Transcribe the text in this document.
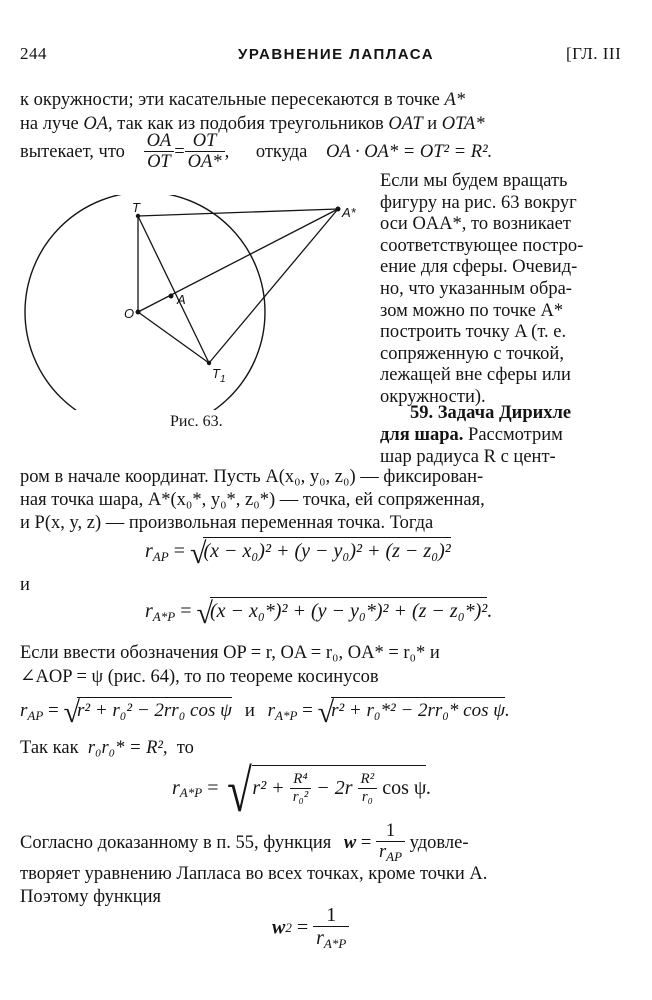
244	УРАВНЕНИЕ ЛАПЛАСА	[ГЛ. III
к окружности; эти касательные пересекаются в точке A*
на луче OA, так как из подобия треугольников OAT и OTA*
вытекает, что $\frac{OA}{OT} = \frac{OT}{OA*}$ , откуда OA · OA* = OT² = R².
T	A*
O
A
$T_1$
Рис. 63.
Если мы будем вращать
фигуру на рис. 63 вокруг
оси OAA*, то возникает
соответствующее постро-
ение для сферы. Очевид-
но, что указанным обра-
зом можно по точке A*
построить точку A (т. е.
сопряженную с точкой,
лежащей вне сферы или
окружности).
59. Задача Дирихле
для шара. Рассмотрим
шар радиуса R с цент-
ром в начале координат. Пусть A(x₀, y₀, z₀) — фиксирован-
ная точка шара, A*(x₀*, y₀*, z₀*) — точка, ей сопряженная,
и P(x, y, z) — произвольная переменная точка. Тогда
$r_{AP} = √(x - x_0)^2 + (y - y_0)^2 + (z - z_0)^2$
и
$r_{A*P} = √(x - x_0*)^2 + (y - y_0*)^2 + (z - z_0*)^2$.
Если ввести обозначения OP = r, OA = r₀, OA* = r₀* и
∠AOP = ψ (рис. 64), то по теореме косинусов
$r_{AP} = √r^2 + r_0^2 - 2rr_0$ cos ψ и $r_{A*P} = √r^2 + r_0*^2 - 2rr_0*$ cos ψ.
Так как r₀r₀* = R², то
$r_{A*P} = √r^2 + \frac{\text{R⁴}}{\text{r₀²}} - 2r \frac{\text{R²}}{\text{r₀}}$ cos ψ.
Согласно доказанному в п. 55, функция $w = \frac{1}{r_{AP}}$ удовле-
творяет уравнению Лапласа во всех точках, кроме точки A.
Поэтому функция
$w2 = \frac{1}{r_{A*P}}$
